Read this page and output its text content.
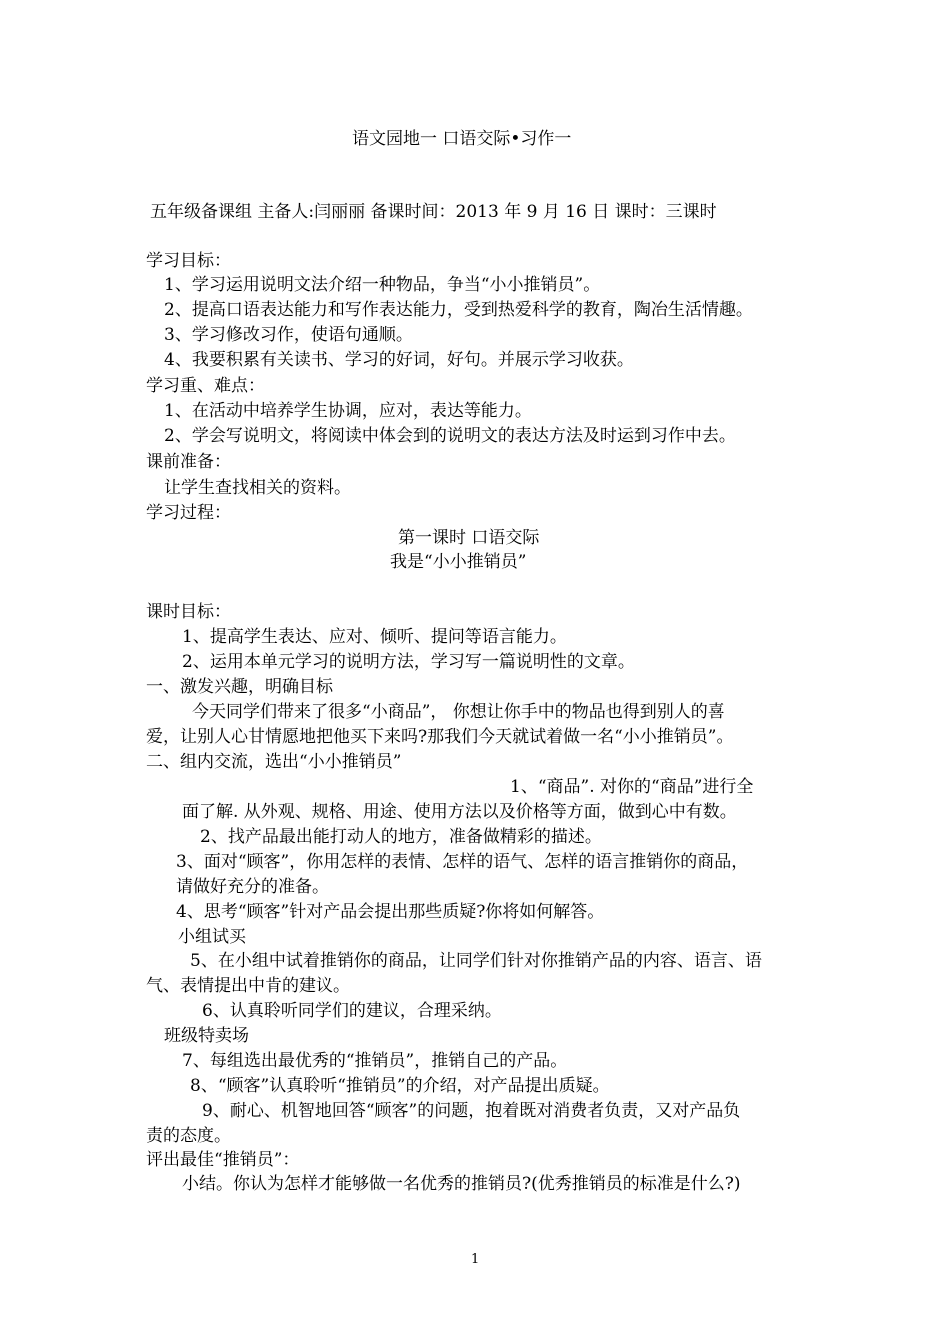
语文园地一 口语交际•习作一
五年级备课组 主备人:闫丽丽 备课时间：2013 年 9 月 16 日 课时：三课时
学习目标：
1、学习运用说明文法介绍一种物品，争当“小小推销员”。
2、提高口语表达能力和写作表达能力，受到热爱科学的教育，陶冶生活情趣。
3、学习修改习作，使语句通顺。
4、我要积累有关读书、学习的好词，好句。并展示学习收获。
学习重、难点：
1、在活动中培养学生协调，应对，表达等能力。
2、学会写说明文，将阅读中体会到的说明文的表达方法及时运到习作中去。
课前准备：
让学生查找相关的资料。
学习过程：
第一课时 口语交际
我是“小小推销员”
课时目标：
1、提高学生表达、应对、倾听、提问等语言能力。
2、运用本单元学习的说明方法，学习写一篇说明性的文章。
一、激发兴趣，明确目标
今天同学们带来了很多“小商品”， 你想让你手中的物品也得到别人的喜
爱，让别人心甘情愿地把他买下来吗?那我们今天就试着做一名“小小推销员”。
二、组内交流，选出“小小推销员”
1、“商品”. 对你的“商品”进行全
面了解. 从外观、规格、用途、使用方法以及价格等方面，做到心中有数。
2、找产品最出能打动人的地方，准备做精彩的描述。
3、面对“顾客”，你用怎样的表情、怎样的语气、怎样的语言推销你的商品，
请做好充分的准备。
4、思考“顾客”针对产品会提出那些质疑?你将如何解答。
小组试买
5、在小组中试着推销你的商品，让同学们针对你推销产品的内容、语言、语
气、表情提出中肯的建议。
6、认真聆听同学们的建议，合理采纳。
班级特卖场
7、每组选出最优秀的“推销员”，推销自己的产品。
8、“顾客”认真聆听“推销员”的介绍，对产品提出质疑。
9、耐心、机智地回答“顾客”的问题，抱着既对消费者负责，又对产品负
责的态度。
评出最佳“推销员”：
小结。你认为怎样才能够做一名优秀的推销员?(优秀推销员的标准是什么?)
1
